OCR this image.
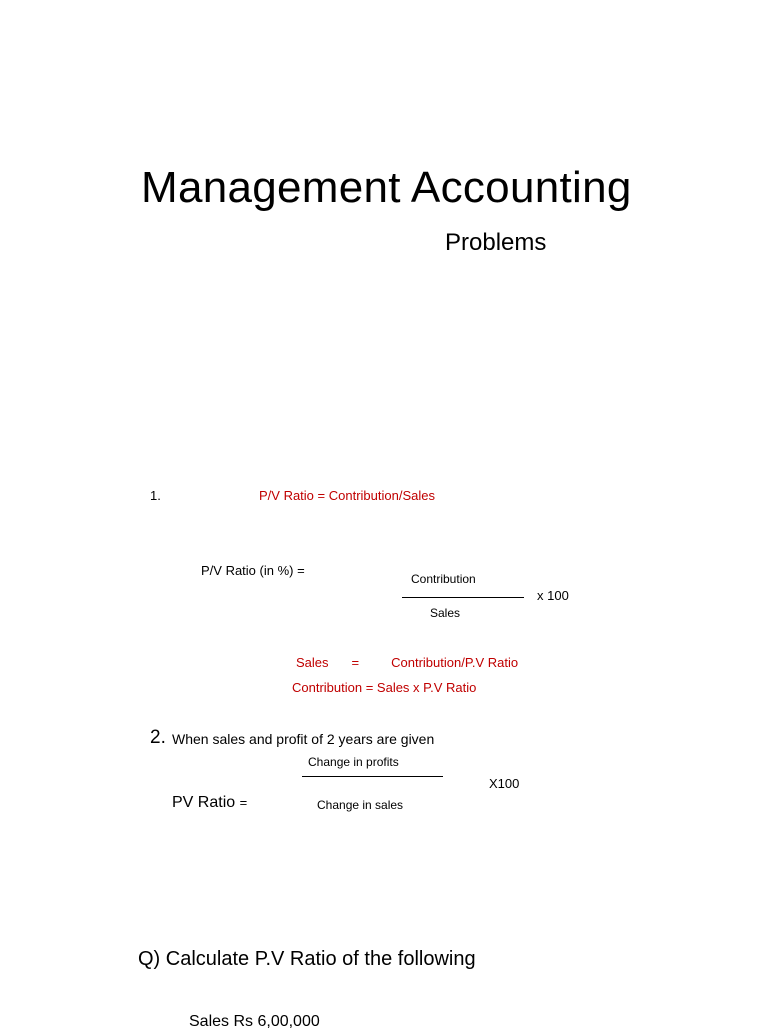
Management Accounting
Problems
1.	P/V Ratio = Contribution/Sales
P/V Ratio (in %) =
Contribution
Sales
x 100
Sales = Contribution/P.V Ratio
Contribution = Sales x P.V Ratio
2. When sales and profit of 2 years are given
Change in profits
X100
PV Ratio =	Change in sales
Q) Calculate P.V Ratio of the following
Sales Rs 6,00,000
